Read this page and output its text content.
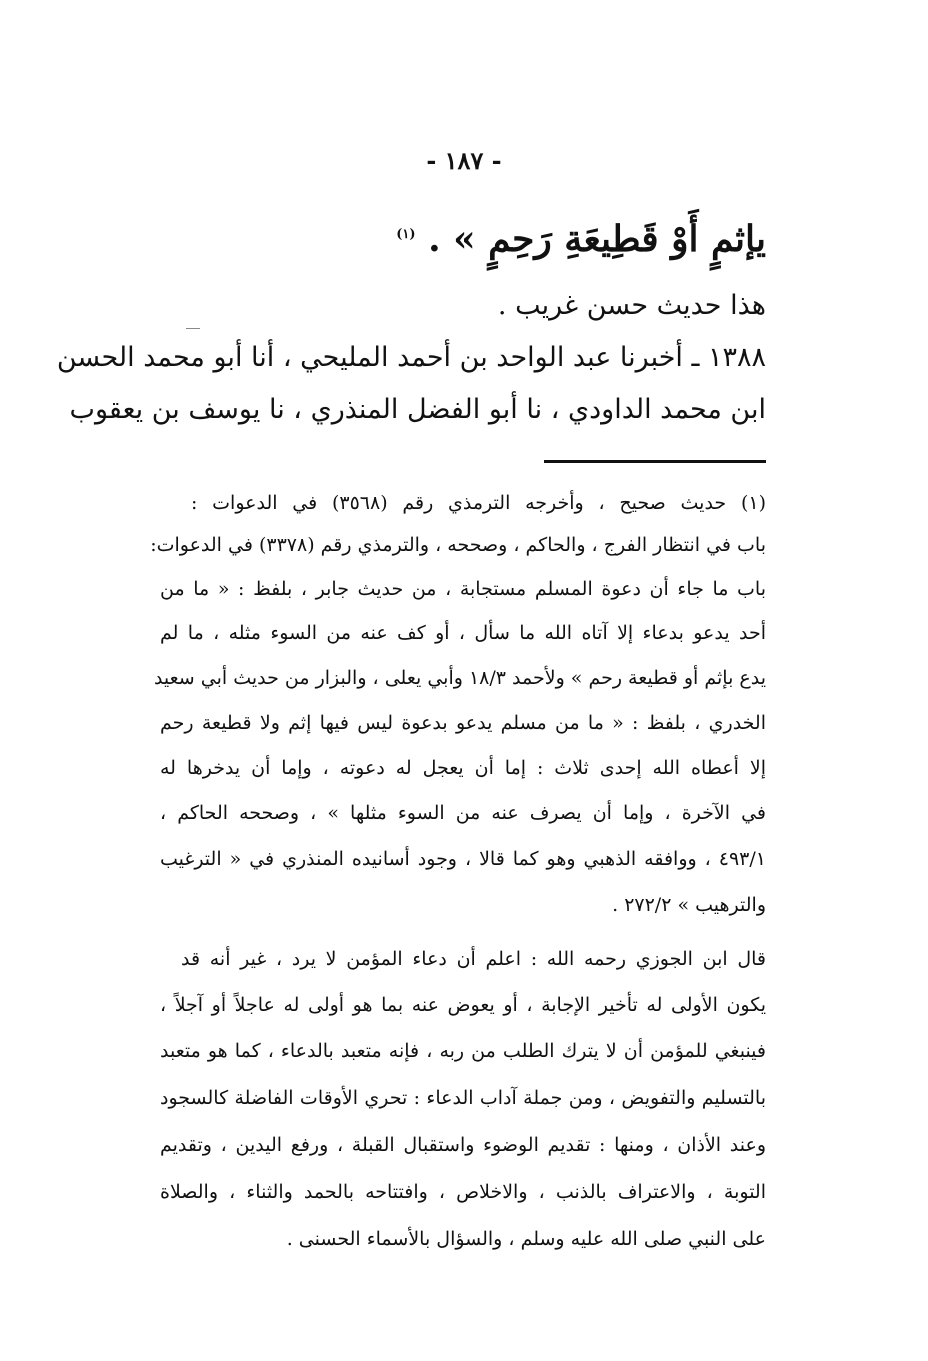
- ١٨٧ -
يإثمٍ أَوْ قَطِيعَةِ رَحِمٍ » . $^{(١)}$
هذا حديث حسن غريب .
١٣٨٨ ـ أخبرنا عبد الواحد بن أحمد المليحي ، أنا أبو محمد الحسن
ابن محمد الداودي ، نا أبو الفضل المنذري ، نا يوسف بن يعقوب
(١) حديث صحيح ، وأخرجه الترمذي رقم (٣٥٦٨) في الدعوات :
باب في انتظار الفرج ، والحاكم ، وصححه ، والترمذي رقم (٣٣٧٨) في الدعوات:
باب ما جاء أن دعوة المسلم مستجابة ، من حديث جابر ، بلفظ : « ما من
أحد يدعو بدعاء إلا آتاه الله ما سأل ، أو كف عنه من السوء مثله ، ما لم
يدع بإثم أو قطيعة رحم » ولأحمد ١٨/٣ وأبي يعلى ، والبزار من حديث أبي سعيد
الخدري ، بلفظ : « ما من مسلم يدعو بدعوة ليس فيها إثم ولا قطيعة رحم
إلا أعطاه الله إحدى ثلاث : إما أن يعجل له دعوته ، وإما أن يدخرها له
في الآخرة ، وإما أن يصرف عنه من السوء مثلها » ، وصححه الحاكم ،
٤٩٣/١ ، ووافقه الذهبي وهو كما قالا ، وجود أسانيده المنذري في « الترغيب
والترهيب » ٢٧٢/٢ .
قال ابن الجوزي رحمه الله : اعلم أن دعاء المؤمن لا يرد ، غير أنه قد
يكون الأولى له تأخير الإجابة ، أو يعوض عنه بما هو أولى له عاجلاً أو آجلاً ،
فينبغي للمؤمن أن لا يترك الطلب من ربه ، فإنه متعبد بالدعاء ، كما هو متعبد
بالتسليم والتفويض ، ومن جملة آداب الدعاء : تحري الأوقات الفاضلة كالسجود
وعند الأذان ، ومنها : تقديم الوضوء واستقبال القبلة ، ورفع اليدين ، وتقديم
التوبة ، والاعتراف بالذنب ، والاخلاص ، وافتتاحه بالحمد والثناء ، والصلاة
على النبي صلى الله عليه وسلم ، والسؤال بالأسماء الحسنى .
